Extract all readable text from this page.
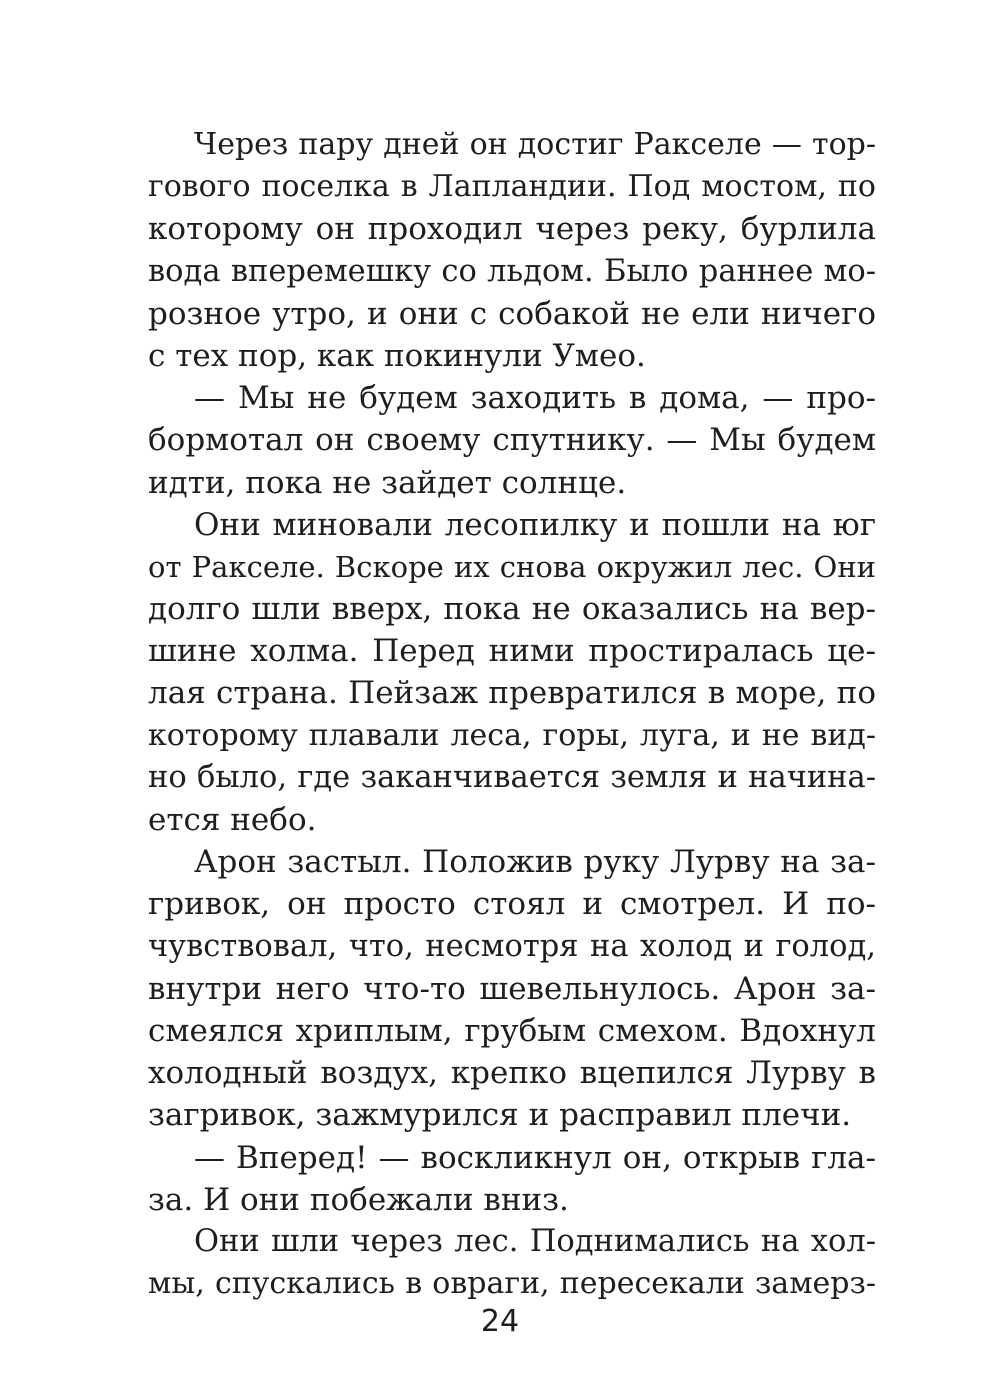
Через пару дней он достиг Ракселе — тор-
гового поселка в Лапландии. Под мостом, по
которому он проходил через реку, бурлила
вода вперемешку со льдом. Было раннее мо-
розное утро, и они с собакой не ели ничего
с тех пор, как покинули Умео.
— Мы не будем заходить в дома, — про-
бормотал он своему спутнику. — Мы будем
идти, пока не зайдет солнце.
Они миновали лесопилку и пошли на юг
от Ракселе. Вскоре их снова окружил лес. Они
долго шли вверх, пока не оказались на вер-
шине холма. Перед ними простиралась це-
лая страна. Пейзаж превратился в море, по
которому плавали леса, горы, луга, и не вид-
но было, где заканчивается земля и начина-
ется небо.
Арон застыл. Положив руку Лурву на за-
гривок, он просто стоял и смотрел. И по-
чувствовал, что, несмотря на холод и голод,
внутри него что-то шевельнулось. Арон за-
смеялся хриплым, грубым смехом. Вдохнул
холодный воздух, крепко вцепился Лурву в
загривок, зажмурился и расправил плечи.
— Вперед! — воскликнул он, открыв гла-
за. И они побежали вниз.
Они шли через лес. Поднимались на хол-
мы, спускались в овраги, пересекали замерз-
24
